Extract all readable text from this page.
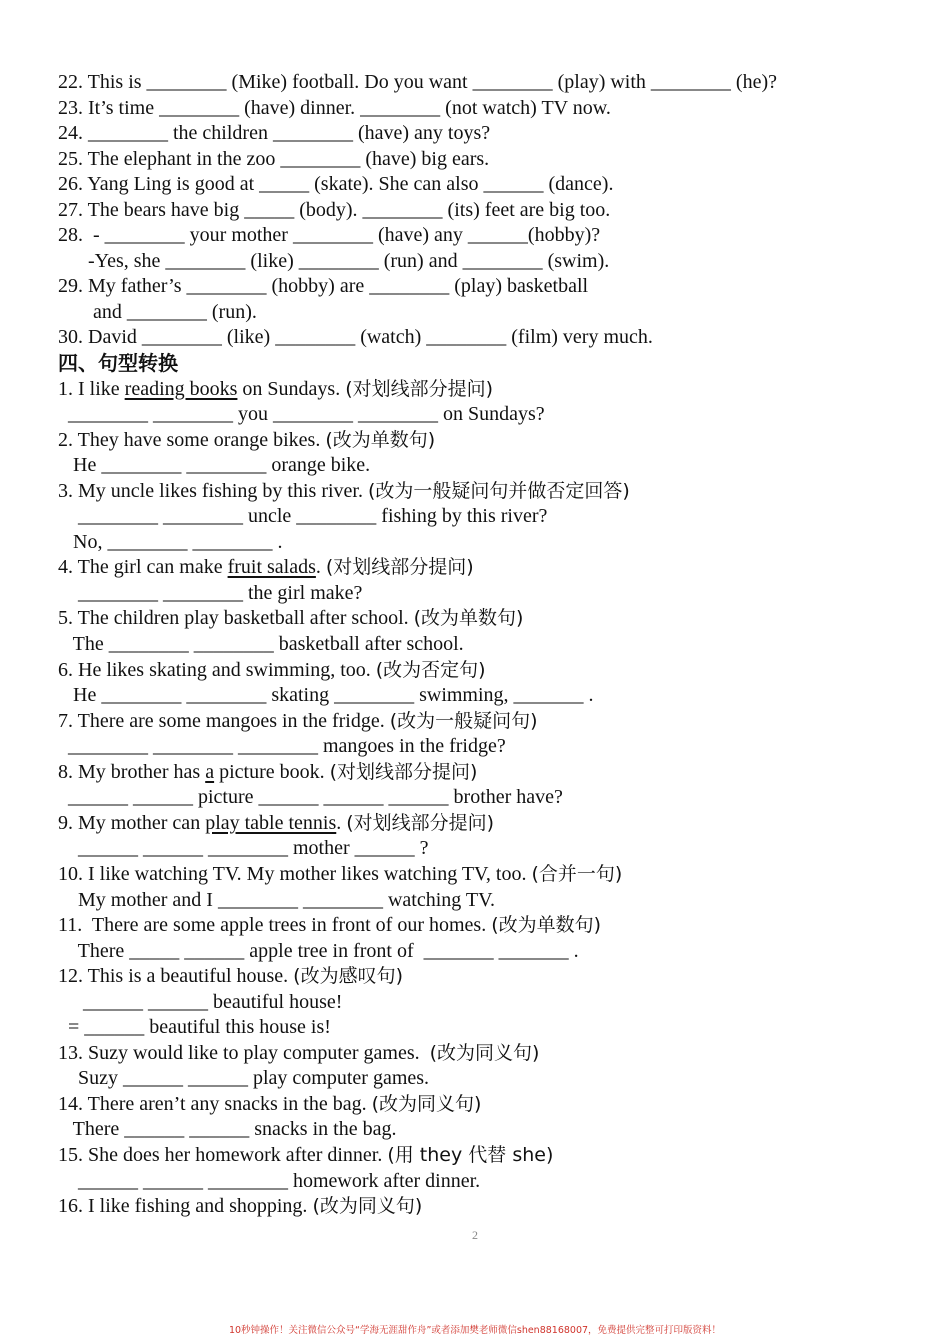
22. This is ________ (Mike) football. Do you want ________ (play) with ________ (he)?
23. It’s time ________ (have) dinner. ________ (not watch) TV now.
24. ________ the children ________ (have) any toys?
25. The elephant in the zoo ________ (have) big ears.
26. Yang Ling is good at _____ (skate). She can also ______ (dance).
27. The bears have big _____ (body). ________ (its) feet are big too.
28.  - ________ your mother ________ (have) any ______(hobby)?
-Yes, she ________ (like) ________ (run) and ________ (swim).
29. My father’s ________ (hobby) are ________ (play) basketball
and ________ (run).
30. David ________ (like) ________ (watch) ________ (film) very much.
四、句型转换
1. I like reading books on Sundays. (对划线部分提问)
________ ________ you ________ ________ on Sundays?
2. They have some orange bikes. (改为单数句)
He ________ ________ orange bike.
3. My uncle likes fishing by this river. (改为一般疑问句并做否定回答)
________ ________ uncle ________ fishing by this river?
No, ________ ________ .
4. The girl can make fruit salads. (对划线部分提问)
________ ________ the girl make?
5. The children play basketball after school. (改为单数句)
The ________ ________ basketball after school.
6. He likes skating and swimming, too. (改为否定句)
He ________ ________ skating ________ swimming, _______ .
7. There are some mangoes in the fridge. (改为一般疑问句)
________ ________ ________ mangoes in the fridge?
8. My brother has a picture book. (对划线部分提问)
______ ______ picture ______ ______ ______ brother have?
9. My mother can play table tennis. (对划线部分提问)
______ ______ ________ mother ______ ?
10. I like watching TV. My mother likes watching TV, too. (合并一句)
My mother and I ________ ________ watching TV.
11.  There are some apple trees in front of our homes. (改为单数句)
There _____ ______ apple tree in front of  _______ _______ .
12. This is a beautiful house. (改为感叹句)
______ ______ beautiful house!
= ______ beautiful this house is!
13. Suzy would like to play computer games.  (改为同义句)
Suzy ______ ______ play computer games.
14. There aren’t any snacks in the bag. (改为同义句)
There ______ ______ snacks in the bag.
15. She does her homework after dinner. (用 they 代替 she)
______ ______ ________ homework after dinner.
16. I like fishing and shopping. (改为同义句)
2
10秒钟操作！关注微信公众号“学海无涯甜作舟”或者添加樊老师微信shen88168007，免费提供完整可打印版资料！
